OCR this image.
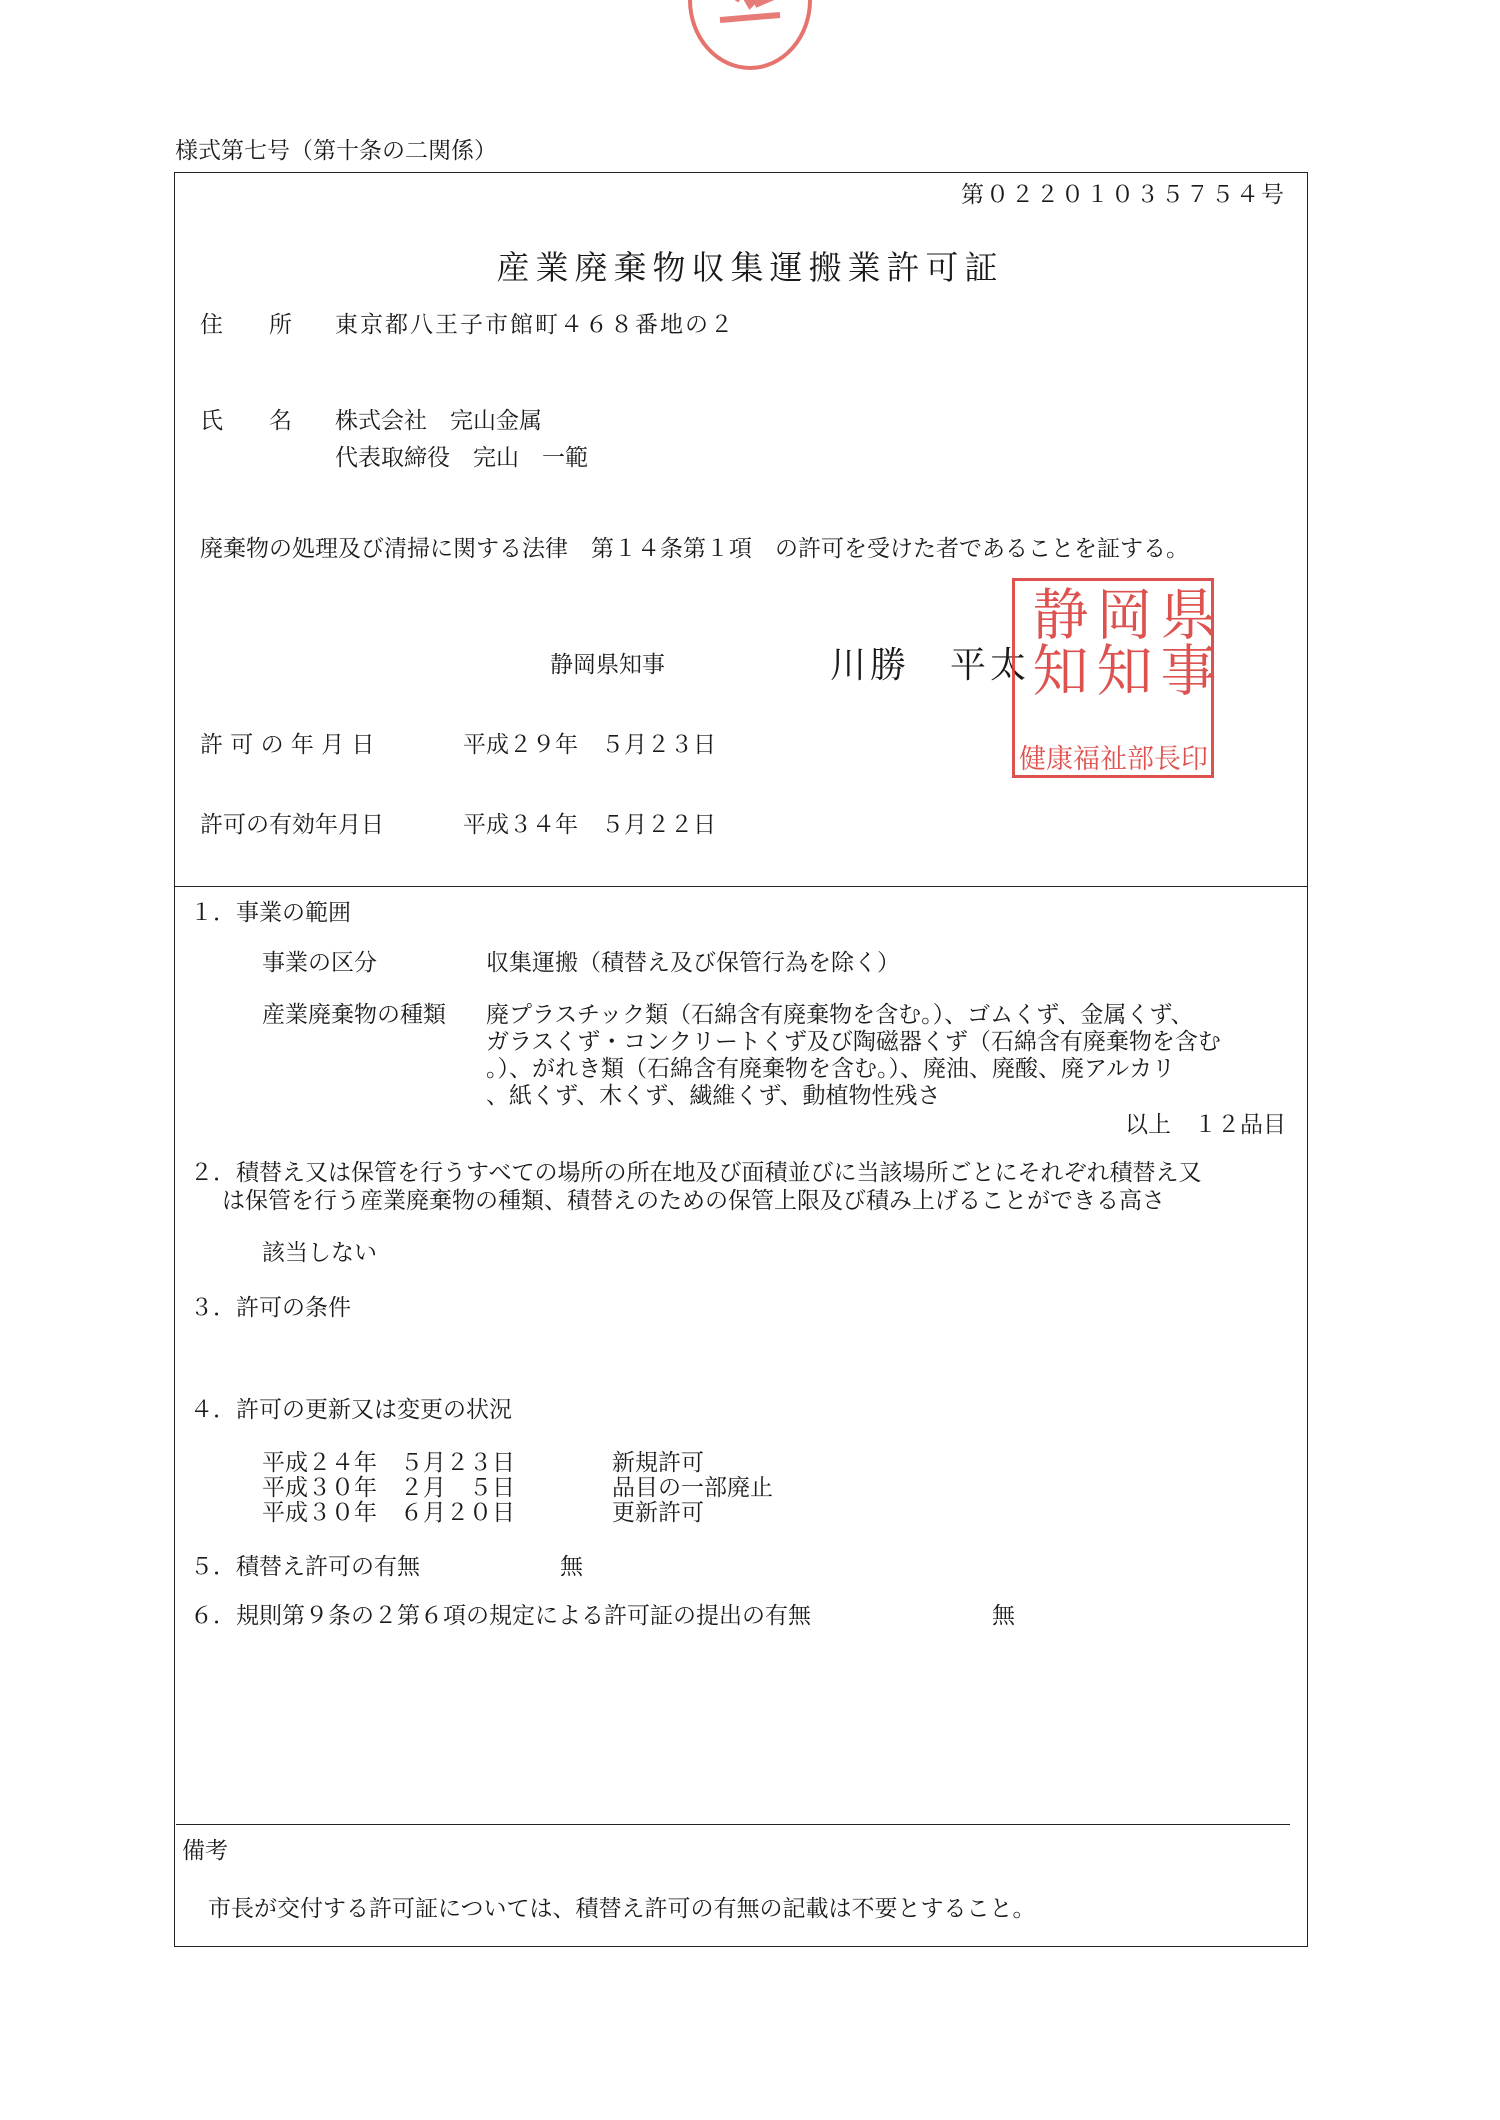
様式第七号（第十条の二関係）
第０２２０１０３５７５４号
産業廃棄物収集運搬業許可証
住　　所 東京都八王子市館町４６８番地の２
氏　　名 株式会社　完山金属
代表取締役　完山　一範
廃棄物の処理及び清掃に関する法律　第１４条第１項　の許可を受けた者であることを証する。
静岡県知事	川勝　平太 県事
岡知
静知
健康福祉部長印
許 可 の 年 月 日	平成２９年　５月２３日
許可の有効年月日	平成３４年　５月２２日
１．事業の範囲
事業の区分	収集運搬（積替え及び保管行為を除く）
産業廃棄物の種類 廃プラスチック類（石綿含有廃棄物を含む。）、ゴムくず、金属くず、
ガラスくず・コンクリートくず及び陶磁器くず（石綿含有廃棄物を含む
。）、がれき類（石綿含有廃棄物を含む。）、廃油、廃酸、廃アルカリ
、紙くず、木くず、繊維くず、動植物性残さ
以上　１２品目
２．積替え又は保管を行うすべての場所の所在地及び面積並びに当該場所ごとにそれぞれ積替え又
は保管を行う産業廃棄物の種類、積替えのための保管上限及び積み上げることができる高さ
該当しない
３．許可の条件
４．許可の更新又は変更の状況
平成２４年　５月２３日	新規許可
平成３０年　２月　５日	品目の一部廃止
平成３０年　６月２０日	更新許可
５．積替え許可の有無	無
６．規則第９条の２第６項の規定による許可証の提出の有無	無
備考
市長が交付する許可証については、積替え許可の有無の記載は不要とすること。
